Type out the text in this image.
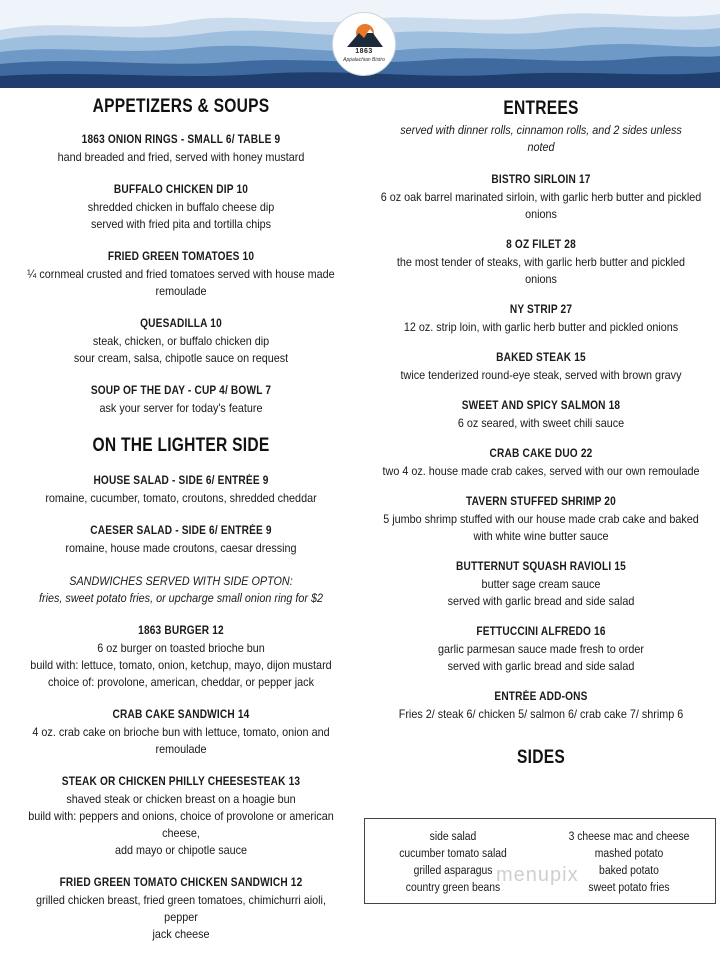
1863
Appalachian Bistro
APPETIZERS & SOUPS
1863 ONION RINGS - SMALL 6/ TABLE 9
hand breaded and fried, served with honey mustard
BUFFALO CHICKEN DIP 10
shredded chicken in buffalo cheese dip
served with fried pita and tortilla chips
FRIED GREEN TOMATOES 10
¼ cornmeal crusted and fried tomatoes served with house made
remoulade
QUESADILLA 10
steak, chicken, or buffalo chicken dip
sour cream, salsa, chipotle sauce on request
SOUP OF THE DAY - CUP 4/ BOWL 7
ask your server for today's feature
ON THE LIGHTER SIDE
HOUSE SALAD - SIDE 6/ ENTRÉE 9
romaine, cucumber, tomato, croutons, shredded cheddar
CAESER SALAD - SIDE 6/ ENTRÉE 9
romaine, house made croutons, caesar dressing
SANDWICHES SERVED WITH SIDE OPTON:
fries, sweet potato fries, or upcharge small onion ring for $2
1863 BURGER 12
6 oz burger on toasted brioche bun
build with: lettuce, tomato, onion, ketchup, mayo, dijon mustard
choice of: provolone, american, cheddar, or pepper jack
CRAB CAKE SANDWICH 14
4 oz. crab cake on brioche bun with lettuce, tomato, onion and
remoulade
STEAK OR CHICKEN PHILLY CHEESESTEAK 13
shaved steak or chicken breast on a hoagie bun
build with: peppers and onions, choice of provolone or american cheese,
add mayo or chipotle sauce
FRIED GREEN TOMATO CHICKEN SANDWICH 12
grilled chicken breast, fried green tomatoes, chimichurri aioli, pepper
jack cheese
ENTREES
served with dinner rolls, cinnamon rolls, and 2 sides unless
noted
BISTRO SIRLOIN 17
6 oz oak barrel marinated sirloin, with garlic herb butter and pickled
onions
8 OZ FILET 28
the most tender of steaks, with garlic herb butter and pickled onions
NY STRIP 27
12 oz. strip loin, with garlic herb butter and pickled onions
BAKED STEAK 15
twice tenderized round-eye steak, served with brown gravy
SWEET AND SPICY SALMON 18
6 oz seared, with sweet chili sauce
CRAB CAKE DUO 22
two 4 oz. house made crab cakes, served with our own remoulade
TAVERN STUFFED SHRIMP 20
5 jumbo shrimp stuffed with our house made crab cake and baked
with white wine butter sauce
BUTTERNUT SQUASH RAVIOLI 15
butter sage cream sauce
served with garlic bread and side salad
FETTUCCINI ALFREDO 16
garlic parmesan sauce made fresh to order
served with garlic bread and side salad
ENTRÉE ADD-ONS
Fries 2/ steak 6/ chicken 5/ salmon 6/ crab cake 7/ shrimp 6
SIDES
side salad
cucumber tomato salad
grilled asparagus
country green beans
3 cheese mac and cheese
mashed potato
baked potato
sweet potato fries
menupix
